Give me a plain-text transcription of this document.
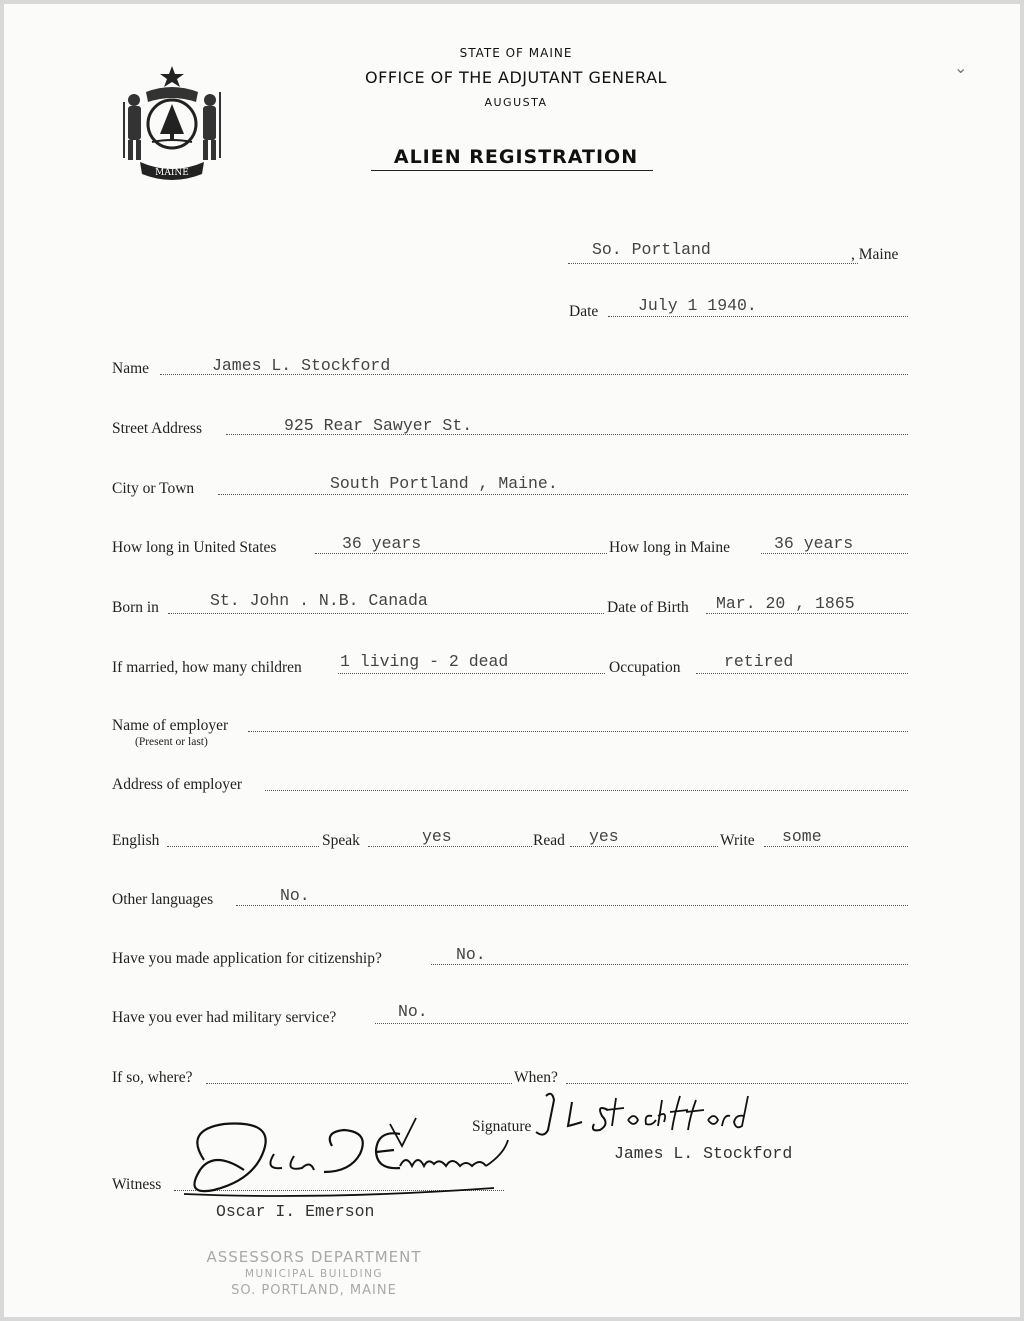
MAINE
⌄
STATE OF MAINE
OFFICE OF THE ADJUTANT GENERAL
AUGUSTA
ALIEN REGISTRATION
So. Portland	, Maine
Date July 1 1940.
Name	James L. Stockford
Street Address	925 Rear Sawyer St.
City or Town	South Portland , Maine.
How long in United States	36 years	How long in Maine	36 years
Born in	St. John . N.B. Canada	Date of Birth Mar. 20 , 1865
If married, how many children 1 living - 2 dead	Occupation	retired
Name of employer
(Present or last)
Address of employer
English	Speak	yes	Read yes	Write some
Other languages	No.
Have you made application for citizenship?	No.
Have you ever had military service?	No.
If so, where?	When?
Signature
James L. Stockford
Witness
Oscar I. Emerson
ASSESSORS DEPARTMENT
MUNICIPAL BUILDING
SO. PORTLAND, MAINE
